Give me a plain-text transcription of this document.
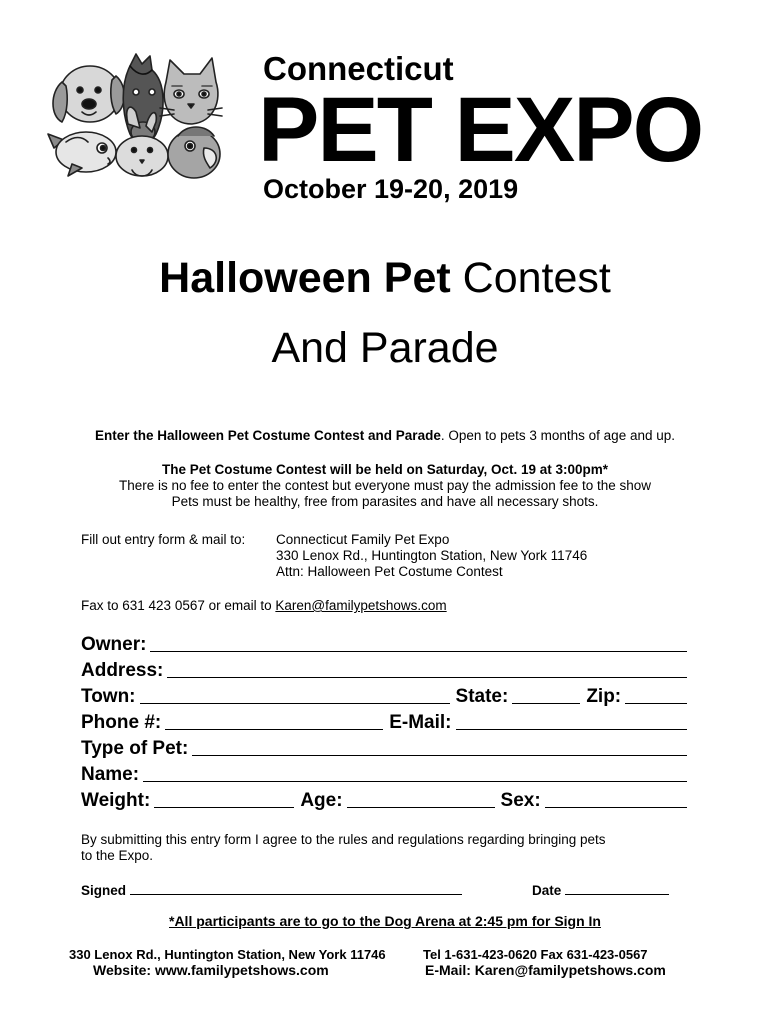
Connecticut
PET EXPO
October 19-20, 2019
Halloween Pet Contest
And Parade
Enter the Halloween Pet Costume Contest and Parade. Open to pets 3 months of age and up.
The Pet Costume Contest will be held on Saturday, Oct. 19 at 3:00pm*
There is no fee to enter the contest but everyone must pay the admission fee to the show
Pets must be healthy, free from parasites and have all necessary shots.
Fill out entry form & mail to: Connecticut Family Pet Expo
330 Lenox Rd., Huntington Station, New York 11746
Attn: Halloween Pet Costume Contest
Fax to 631 423 0567 or email to Karen@familypetshows.com
Owner:
Address:
Town:	State:	Zip:
Phone #:	E-Mail:
Type of Pet:
Name:
Weight:	Age:	Sex:
By submitting this entry form I agree to the rules and regulations regarding bringing pets
to the Expo.
Signed	Date
*All participants are to go to the Dog Arena at 2:45 pm for Sign In
330 Lenox Rd., Huntington Station, New York 11746	Tel 1-631-423-0620 Fax 631-423-0567
Website: www.familypetshows.com	E-Mail: Karen@familypetshows.com
